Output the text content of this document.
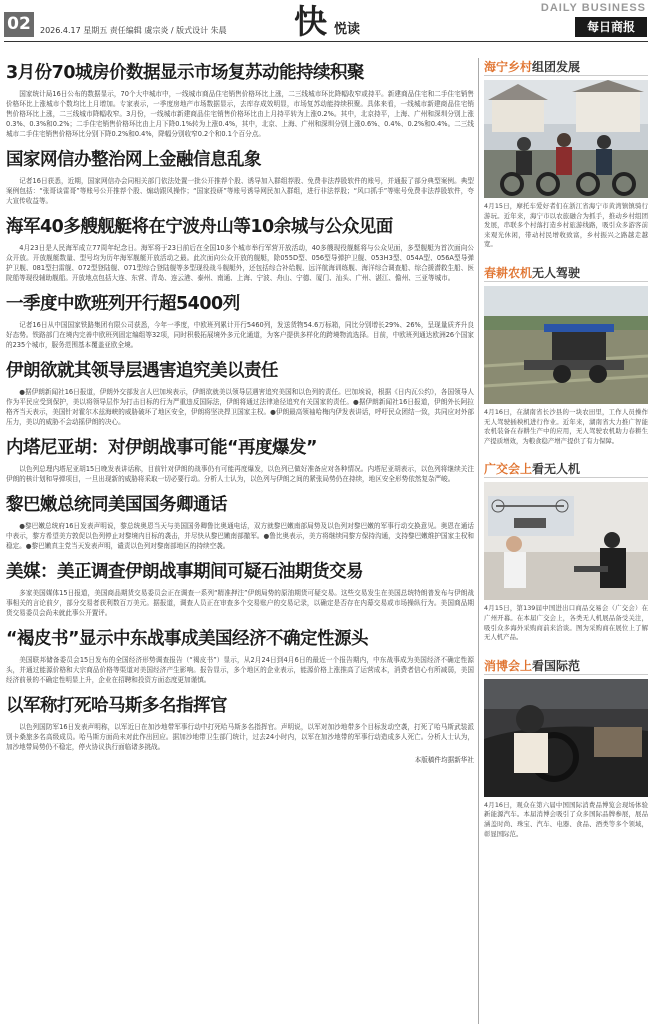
02	2026.4.17 星期五 责任编辑 虞宗炎 / 版式设计 朱晨 快 悦读
DAILY BUSINESS
每日商报
3月份70城房价数据显示市场复苏动能持续积聚
国家统计局16日公布的数据显示，70个大中城市中，一线城市商品住宅销售价格环比上涨，二三线城市环比降幅收窄或持平。新建商品住宅和二手住宅销售价格环比上涨城市个数均比上月增加。专家表示，一季度房地产市场数据显示，去库存成效明显，市场复苏动能持续积聚。具体来看，一线城市新建商品住宅销售价格环比上涨，二三线城市降幅收窄。3月份，一线城市新建商品住宅销售价格环比由上月持平转为上涨0.2%。其中，北京持平，上海、广州和深圳分别上涨0.3%、0.3%和0.2%；二手住宅销售价格环比由上月下降0.1%转为上涨0.4%，其中，北京、上海、广州和深圳分别上涨0.6%、0.4%、0.2%和0.4%。二三线城市二手住宅销售价格环比分别下降0.2%和0.4%，降幅分别收窄0.2个和0.1个百分点。
国家网信办整治网上金融信息乱象
记者16日获悉，近期，国家网信办会同相关部门依法处置一批公开推荐个股、诱导加入群组荐股、免费非法荐股软件的账号，并通报了部分典型案例。典型案例包括：“张哥谈雷哥”等账号公开推荐个股、煽动跟风操作；“国家投研”等账号诱导网民加入群组，进行非法荐股；“风口抓手”等账号免费非法荐股软件，夸大宣传收益等。
海军40多艘舰艇将在宁波舟山等10余城与公众见面
4月23日是人民海军成立77周年纪念日。海军将于23日前后在全国10多个城市举行军营开放活动，40多艘现役舰艇将与公众见面，多型舰艇为首次面向公众开放。开放舰艇数量、型号均为历年海军舰艇开放活动之最。此次面向公众开放的舰艇，除055D型、056型导弹护卫舰、053H3型、054A型、056A型导弹护卫舰、081型扫雷舰、072型登陆舰、071型综合登陆舰等多型现役战斗舰艇外，还包括综合补给舰、远洋航海训练舰、海洋综合调查船、综合援潜救生船、医院船等现役辅助舰船。开放地点包括大连、东营、青岛、连云港、泰州、南通、上海、宁波、舟山、宁德、厦门、汕头、广州、湛江、儋州、三亚等城市。
一季度中欧班列开行超5400列
记者16日从中国国家铁路集团有限公司获悉，今年一季度，中欧班列累计开行5460列，发送货物54.6万标箱，同比分别增长29%、26%，呈现量质齐升良好态势。铁路部门在境内完善中欧班列固定编组等32项，同时积极拓展境外多元化通道，为客户提供多样化的跨境物流选择。目前，中欧班列通达欧洲26个国家的235个城市，服务范围基本覆盖亚欧全境。
伊朗欲就其领导层遇害追究美以责任
●据伊朗新闻社16日报道，伊朗外交部发言人巴加埃表示，伊朗欲就美以领导层遇害追究美国和以色列的责任。巴加埃说，根据《日内瓦公约》，各国领导人作为平民应受到保护，美以将领导层作为打击目标的行为严重违反国际法，伊朗将通过法律途径追究有关国家的责任。●据伊朗新闻社16日报道，伊朗外长阿拉格齐当天表示，美国针对霍尔木兹海峡的威胁破坏了地区安全，伊朗将坚决捍卫国家主权。●伊朗最高领袖哈梅内伊发表讲话，呼吁民众团结一致，共同应对外部压力，美以的威胁不会动摇伊朗的决心。
内塔尼亚胡：对伊朗战事可能“再度爆发”
以色列总理内塔尼亚胡15日晚发表讲话称，目前针对伊朗的战事仍有可能再度爆发，以色列已做好准备应对各种情况。内塔尼亚胡表示，以色列将继续关注伊朗的核计划和导弹项目，一旦出现新的威胁将采取一切必要行动。分析人士认为，以色列与伊朗之间的紧张局势仍在持续，地区安全形势依然复杂严峻。
黎巴嫩总统同美国国务卿通话
●黎巴嫩总统府16日发表声明说，黎总统奥恩当天与美国国务卿鲁比奥通电话，双方就黎巴嫩南部局势及以色列对黎巴嫩的军事行动交换意见。奥恩在通话中表示，黎方希望美方敦促以色列停止对黎境内目标的袭击，并尽快从黎巴嫩南部撤军。●鲁比奥表示，美方将继续同黎方保持沟通，支持黎巴嫩维护国家主权和稳定。●黎巴嫩真主党当天发表声明，谴责以色列对黎南部地区的持续空袭。
美媒：美正调查伊朗战事期间可疑石油期货交易
多家美国媒体15日报道，美国商品期货交易委员会正在调查一系列“精准押注”伊朗局势的原油期货可疑交易。这些交易发生在美国总统特朗普发布与伊朗战事相关的言论前夕，部分交易者获利数百万美元。据报道，调查人员正在审查多个交易账户的交易记录，以确定是否存在内幕交易或市场操纵行为。美国商品期货交易委员会尚未就此事公开置评。
“褐皮书”显示中东战事成美国经济不确定性源头
美国联邦储备委员会15日发布的全国经济形势调查报告（“褐皮书”）显示，从2月24日到4月6日的最近一个报告期内，中东战事成为美国经济不确定性源头，并通过能源价格和大宗商品价格等渠道对美国经济产生影响。报告显示，多个地区的企业表示，能源价格上涨推高了运营成本，消费者信心有所减弱，美国经济前景的不确定性明显上升，企业在招聘和投资方面态度更加谨慎。
以军称打死哈马斯多名指挥官
以色列国防军16日发表声明称，以军近日在加沙地带军事行动中打死哈马斯多名指挥官。声明说，以军对加沙地带多个目标发动空袭，打死了哈马斯武装派别卡桑旅多名高级成员。哈马斯方面尚未对此作出回应。据加沙地带卫生部门统计，过去24小时内，以军在加沙地带的军事行动造成多人死亡。分析人士认为，加沙地带局势仍不稳定，停火协议执行面临诸多挑战。
本版稿件均据新华社
海宁乡村组团发展
4月15日，摩托车爱好者们在浙江省海宁市黄湾镇镇骑行游玩。近年来，海宁市以农旅融合为抓手，推动乡村组团发展，串联多个村落打造乡村旅游线路，吸引众多游客前来观光休闲，带动村民增收致富，乡村振兴之路越走越宽。
春耕农机无人驾驶
4月16日，在湖南省长沙县的一块农田里，工作人员操作无人驾驶插秧机进行作业。近年来，湖南省大力推广智能农机装备在春耕生产中的应用，无人驾驶农机助力春耕生产提质增效，为粮食稳产增产提供了有力保障。
广交会上看无人机
4月15日，第139届中国进出口商品交易会（广交会）在广州开幕。在本届广交会上，各类无人机展品备受关注，吸引众多海外采购商前来洽谈。图为采购商在展位上了解无人机产品。
消博会上看国际范
4月16日，观众在第六届中国国际消费品博览会现场体验新能源汽车。本届消博会吸引了众多国际品牌参展，展品涵盖时尚、珠宝、汽车、电器、食品、酒类等多个领域，彰显国际范。
